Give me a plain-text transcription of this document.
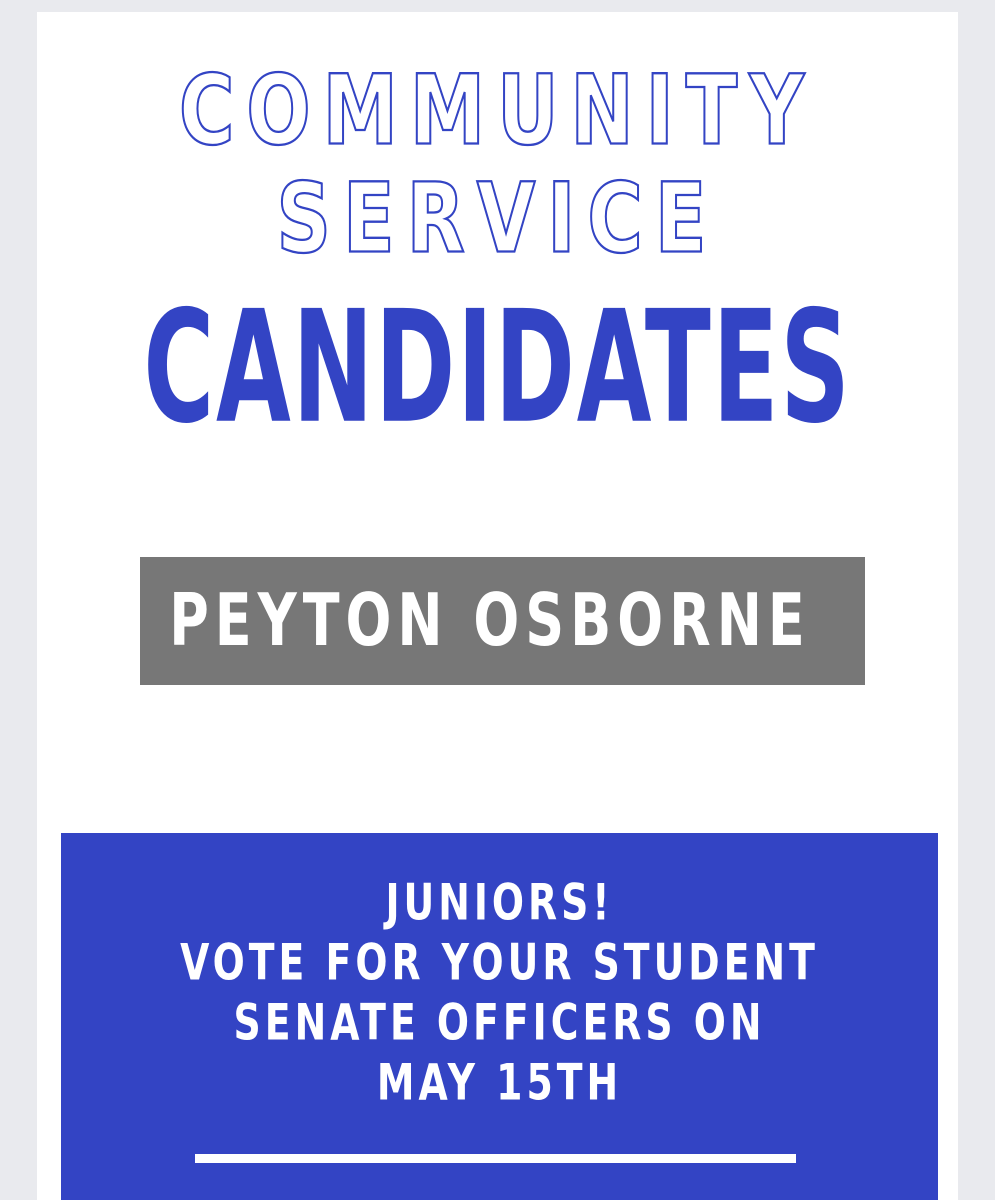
COMMUNITY
SERVICE
CANDIDATES
PEYTON OSBORNE
JUNIORS!
VOTE FOR YOUR STUDENT
SENATE OFFICERS ON
MAY 15TH
